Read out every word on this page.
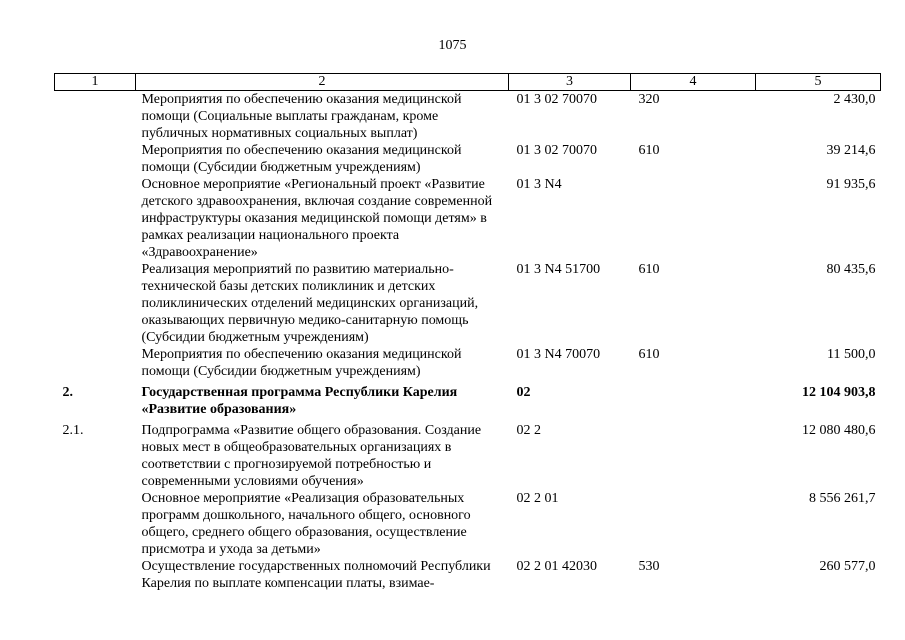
1075
1	2	3	4	5
	Мероприятия по обеспечению оказания медицинской помощи (Социальные выплаты гражданам, кроме публичных нормативных социальных выплат)	01 3 02 70070	320	2 430,0
	Мероприятия по обеспечению оказания медицинской помощи (Субсидии бюджетным учреждениям)	01 3 02 70070	610	39 214,6
	Основное мероприятие «Региональный проект «Развитие детского здравоохранения, включая создание современной инфраструктуры оказания медицинской помощи детям» в рамках реализации национального проекта «Здравоохранение»	01 3 N4		91 935,6
	Реализация мероприятий по развитию материально-технической базы детских поликлиник и детских поликлинических отделений медицинских организаций, оказывающих первичную медико-санитарную помощь (Субсидии бюджетным учреждениям)	01 3 N4 51700	610	80 435,6
	Мероприятия по обеспечению оказания медицинской помощи (Субсидии бюджетным учреждениям)	01 3 N4 70070	610	11 500,0
2.	Государственная программа Республики Карелия «Развитие образования»	02		12 104 903,8
2.1.	Подпрограмма «Развитие общего образования. Создание новых мест в общеобразовательных организациях в соответствии с прогнозируемой потребностью и современными условиями обучения»	02 2		12 080 480,6
	Основное мероприятие «Реализация образовательных программ дошкольного, начального общего, основного общего, среднего общего образования, осуществление присмотра и ухода за детьми»	02 2 01		8 556 261,7
	Осуществление государственных полномочий Республики Карелия по выплате компенсации платы, взимае-	02 2 01 42030	530	260 577,0
